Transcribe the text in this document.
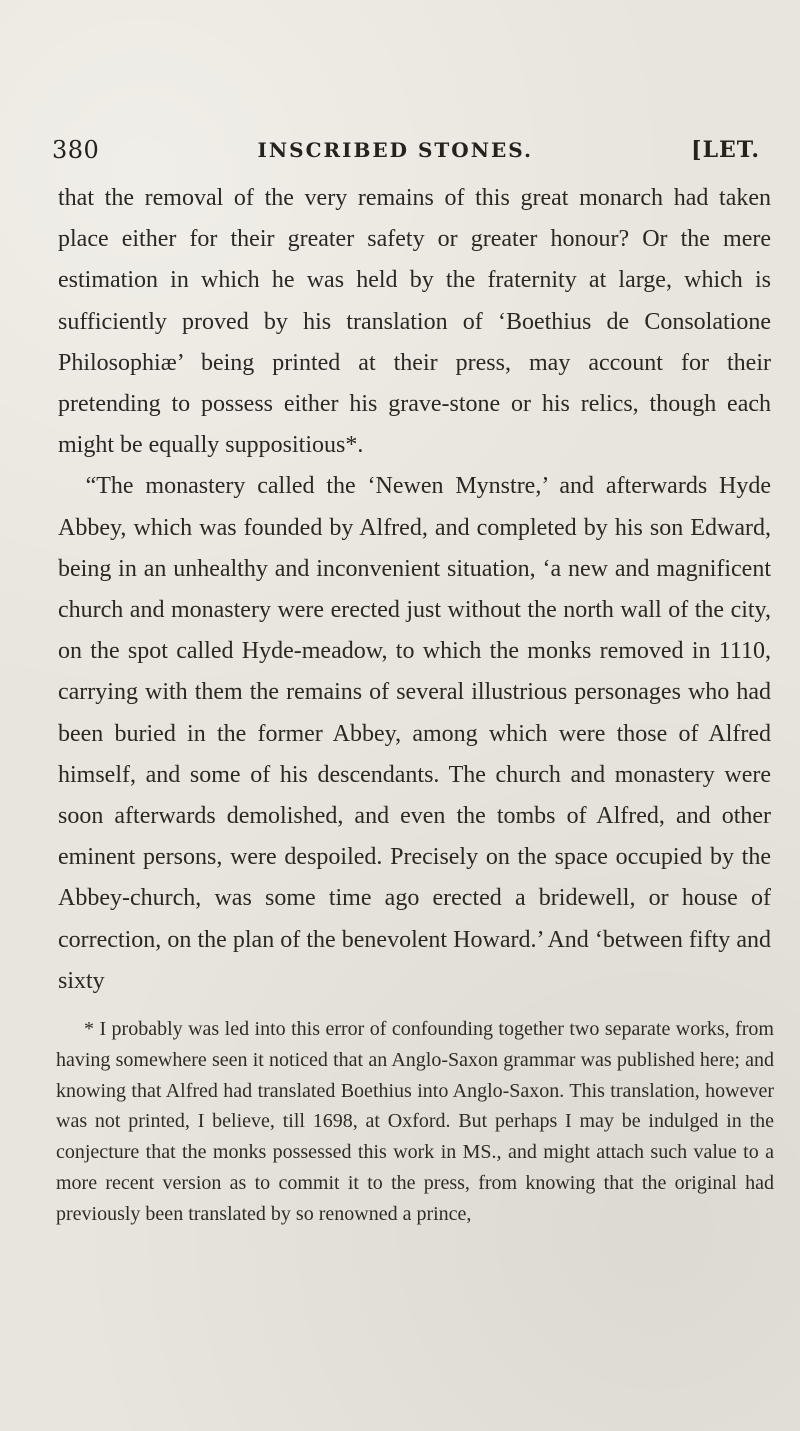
380	INSCRIBED STONES.	[LET.

that the removal of the very remains of this great monarch had taken place either for their greater safety or greater honour? Or the mere estimation in which he was held by the fraternity at large, which is sufficiently proved by his translation of ‘Boethius de Consolatione Philosophiæ’ being printed at their press, may account for their pretending to possess either his grave-stone or his relics, though each might be equally suppositious*.

“The monastery called the ‘Newen Mynstre,’ and afterwards Hyde Abbey, which was founded by Alfred, and completed by his son Edward, being in an unhealthy and inconvenient situation, ‘a new and magnificent church and monastery were erected just without the north wall of the city, on the spot called Hyde-meadow, to which the monks removed in 1110, carrying with them the remains of several illustrious personages who had been buried in the former Abbey, among which were those of Alfred himself, and some of his descendants. The church and monastery were soon afterwards demolished, and even the tombs of Alfred, and other eminent persons, were despoiled. Precisely on the space occupied by the Abbey-church, was some time ago erected a bridewell, or house of correction, on the plan of the benevolent Howard.’ And ‘between fifty and sixty

* I probably was led into this error of confounding together two separate works, from having somewhere seen it noticed that an Anglo-Saxon grammar was published here; and knowing that Alfred had translated Boethius into Anglo-Saxon. This translation, however was not printed, I believe, till 1698, at Oxford. But perhaps I may be indulged in the conjecture that the monks possessed this work in MS., and might attach such value to a more recent version as to commit it to the press, from knowing that the original had previously been translated by so renowned a prince,
